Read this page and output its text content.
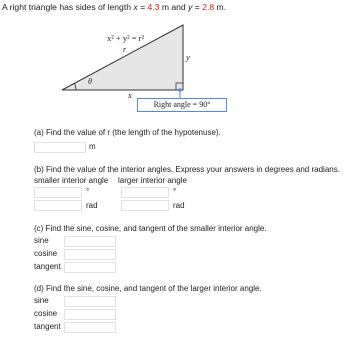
A right triangle has sides of length x = 4.3 m and y = 2.8 m.
x² + y² = r²
r
y
x
θ
Right angle = 90°
(a) Find the value of r (the length of the hypotenuse).
m
(b) Find the value of the interior angles. Express your answers in degrees and radians.
smaller interior angle larger interior angle
°	°
rad	rad
(c) Find the sine, cosine, and tangent of the smaller interior angle.
sine
cosine
tangent
(d) Find the sine, cosine, and tangent of the larger interior angle.
sine
cosine
tangent
